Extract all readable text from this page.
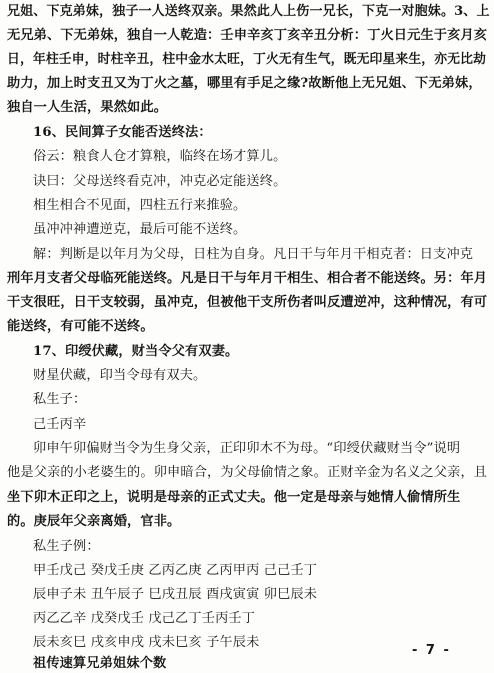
兄姐、下克弟妹，独子一人送终双亲。果然此人上伤一兄长，下克一对胞妹。3、上
无兄弟、下无弟妹，独自一人乾造：壬申辛亥丁亥辛丑分析：丁火日元生于亥月亥
日，年柱壬申，时柱辛丑，柱中金水太旺，丁火无有生气，既无印星来生，亦无比劫
助力，加上时支丑又为丁火之墓，哪里有手足之缘?故断他上无兄姐、下无弟妹，
独自一人生活，果然如此。
16、民间算子女能否送终法：
俗云：粮食人仓才算粮，临终在场才算儿。
诀曰：父母送终看克冲，冲克必定能送终。
相生相合不见面，四柱五行来推验。
虽冲冲神遭逆克，最后可能不送终。
解：判断是以年月为父母，日柱为自身。凡日干与年月干相克者：日支冲克
刑年月支者父母临死能送终。凡是日干与年月干相生、相合者不能送终。另：年月
干支很旺，日干支较弱，虽冲克，但被他干支所伤者叫反遭逆冲，这种情况，有可
能送终，有可能不送终。
17、印绶伏藏，财当令父有双妻。
财星伏藏，印当令母有双夫。
私生子：
己壬丙辛
卯申午卯偏财当令为生身父亲，正印卯木不为母。“印绶伏藏财当令”说明
他是父亲的小老婆生的。卯申暗合，为父母偷情之象。正财辛金为名义之父亲，且
坐下卯木正印之上，说明是母亲的正式丈夫。他一定是母亲与她情人偷情所生
的。庚辰年父亲离婚，官非。
私生子例：
甲壬戊己 癸戊壬庚 乙丙乙庚 乙丙甲丙 己己壬丁
辰申子未 丑午辰子 巳戌丑辰 酉戌寅寅 卯巳辰未
丙乙乙辛 戊癸戊壬 戊己乙丁壬丙壬丁
辰未亥巳 戌亥申戌 戌未巳亥 子午辰未
祖传速算兄弟姐妹个数
- 7 -
